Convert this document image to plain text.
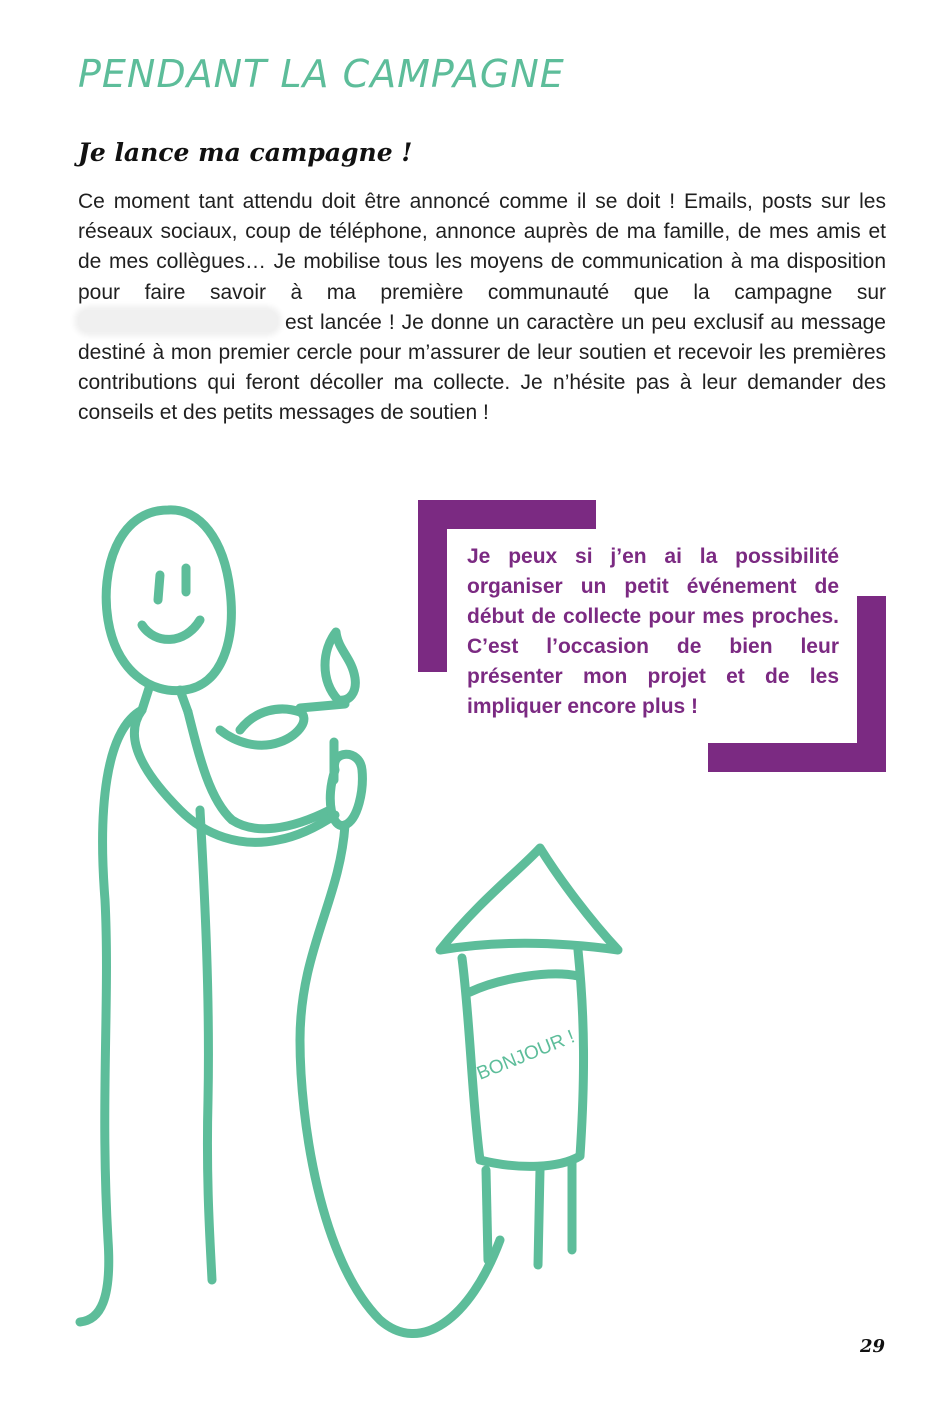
PENDANT LA CAMPAGNE
Je lance ma campagne !

Ce moment tant attendu doit être annoncé comme il se doit ! Emails, posts sur les réseaux sociaux, coup de téléphone, annonce auprès de ma famille, de mes amis et de mes collègues… Je mobilise tous les moyens de communication à ma disposition pour faire savoir à ma première communauté que la campagne sur  est lancée ! Je donne un caractère un peu exclusif au message destiné à mon premier cercle pour m’assurer de leur soutien et recevoir les premières contributions qui feront décoller ma collecte. Je n’hésite pas à leur demander des conseils et des petits messages de soutien !

Je peux si j’en ai la possibilité organiser un petit événement de début de collecte pour mes proches. C’est l’occasion de bien leur présenter mon projet et de les impliquer encore plus !

BONJOUR !
29
